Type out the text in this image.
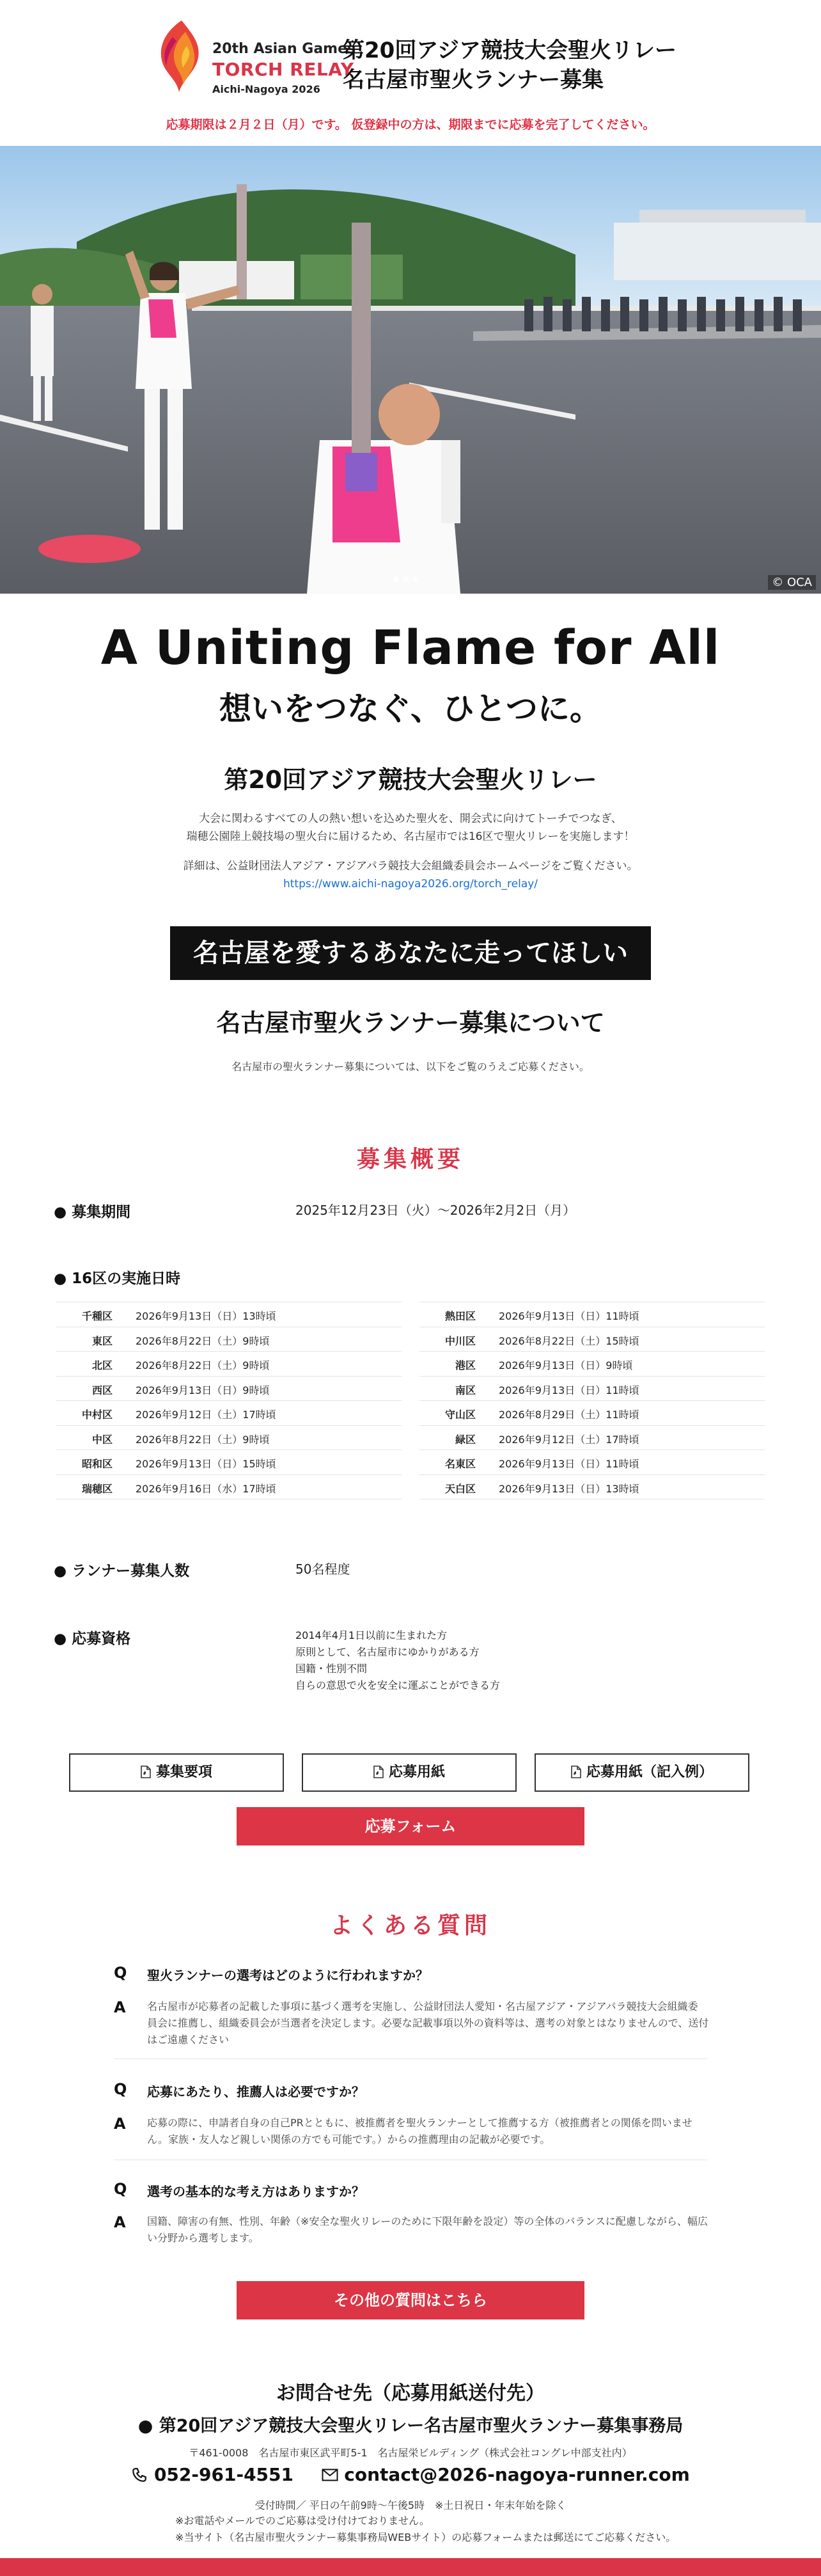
20th Asian Games
TORCH RELAY
Aichi-Nagoya 2026
第20回アジア競技大会聖火リレー
名古屋市聖火ランナー募集
応募期限は２月２日（月）です。 仮登録中の方は、期限までに応募を完了してください。
© OCA
A Uniting Flame for All
想いをつなぐ、ひとつに。
第20回アジア競技大会聖火リレー
大会に関わるすべての人の熱い想いを込めた聖火を、開会式に向けてトーチでつなぎ、
瑞穂公園陸上競技場の聖火台に届けるため、名古屋市では16区で聖火リレーを実施します！
詳細は、公益財団法人アジア・アジアパラ競技大会組織委員会ホームページをご覧ください。
https://www.aichi-nagoya2026.org/torch_relay/
名古屋を愛するあなたに走ってほしい
名古屋市聖火ランナー募集について
名古屋市の聖火ランナー募集については、以下をご覧のうえご応募ください。
募集概要
● 募集期間	2025年12月23日（火）～2026年2月2日（月）
● 16区の実施日時
千種区 2026年9月13日（日）13時頃
東区 2026年8月22日（土）9時頃
北区 2026年8月22日（土）9時頃
西区 2026年9月13日（日）9時頃
中村区 2026年9月12日（土）17時頃
中区 2026年8月22日（土）9時頃
昭和区 2026年9月13日（日）15時頃
瑞穂区 2026年9月16日（水）17時頃
熱田区 2026年9月13日（日）11時頃
中川区 2026年8月22日（土）15時頃
港区 2026年9月13日（日）9時頃
南区 2026年9月13日（日）11時頃
守山区 2026年8月29日（土）11時頃
緑区 2026年9月12日（土）17時頃
名東区 2026年9月13日（日）11時頃
天白区 2026年9月13日（日）13時頃
● ランナー募集人数	50名程度
● 応募資格	2014年4月1日以前に生まれた方
原則として、名古屋市にゆかりがある方
国籍・性別不問
自らの意思で火を安全に運ぶことができる方
募集要項	応募用紙	応募用紙（記入例）
応募フォーム
よくある質問
Q 聖火ランナーの選考はどのように行われますか？
A 名古屋市が応募者の記載した事項に基づく選考を実施し、公益財団法人愛知・名古屋アジア・アジアパラ競技大会組織委
員会に推薦し、組織委員会が当選者を決定します。必要な記載事項以外の資料等は、選考の対象とはなりませんので、送付
はご遠慮ください
Q 応募にあたり、推薦人は必要ですか？
A 応募の際に、申請者自身の自己PRとともに、被推薦者を聖火ランナーとして推薦する方（被推薦者との関係を問いませ
ん。家族・友人など親しい関係の方でも可能です。）からの推薦理由の記載が必要です。
Q 選考の基本的な考え方はありますか？
A 国籍、障害の有無、性別、年齢（※安全な聖火リレーのために下限年齢を設定）等の全体のバランスに配慮しながら、幅広
い分野から選考します。
その他の質問はこちら
お問合せ先（応募用紙送付先）
● 第20回アジア競技大会聖火リレー名古屋市聖火ランナー募集事務局
〒461-0008　名古屋市東区武平町5-1　名古屋栄ビルディング（株式会社コングレ中部支社内）
052-961-4551	contact@2026-nagoya-runner.com
受付時間／ 平日の午前9時～午後5時　※土日祝日・年末年始を除く
※お電話やメールでのご応募は受け付けておりません。
※当サイト（名古屋市聖火ランナー募集事務局WEBサイト）の応募フォームまたは郵送にてご応募ください。
